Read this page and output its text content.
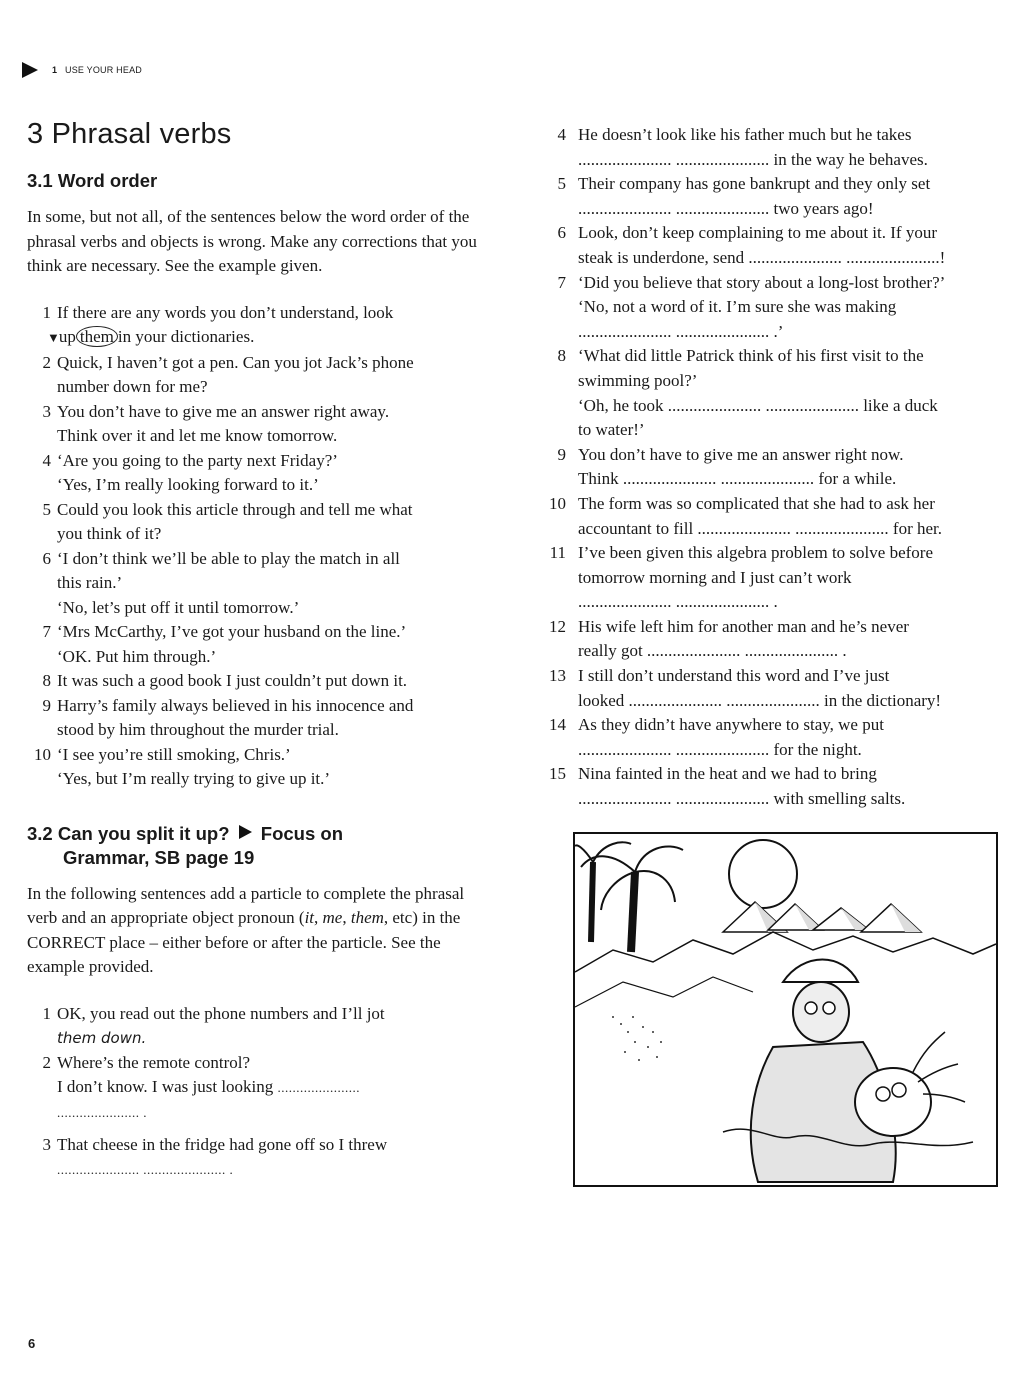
1 USE YOUR HEAD
3 Phrasal verbs
3.1 Word order

In some, but not all, of the sentences below the word order of the phrasal verbs and objects is wrong. Make any corrections that you think are necessary. See the example given.

1 If there are any words you don’t understand, look
▼up them in your dictionaries.
2 Quick, I haven’t got a pen. Can you jot Jack’s phone
number down for me?
3 You don’t have to give me an answer right away.
Think over it and let me know tomorrow.
4 ‘Are you going to the party next Friday?’
‘Yes, I’m really looking forward to it.’
5 Could you look this article through and tell me what
you think of it?
6 ‘I don’t think we’ll be able to play the match in all
this rain.’
‘No, let’s put off it until tomorrow.’
7 ‘Mrs McCarthy, I’ve got your husband on the line.’
‘OK. Put him through.’
8 It was such a good book I just couldn’t put down it.
9 Harry’s family always believed in his innocence and
stood by him throughout the murder trial.
10 ‘I see you’re still smoking, Chris.’
‘Yes, but I’m really trying to give up it.’
3.2 Can you split it up? Focus on
Grammar, SB page 19

In the following sentences add a particle to complete the phrasal verb and an appropriate object pronoun (it, me, them, etc) in the CORRECT place – either before or after the particle. See the example provided.

1 OK, you read out the phone numbers and I’ll jot
them down.
2 Where’s the remote control?
I don’t know. I was just looking ......................
...................... .
3 That cheese in the fridge had gone off so I threw
...................... ...................... .
4 He doesn’t look like his father much but he takes
...................... ...................... in the way he behaves.
5 Their company has gone bankrupt and they only set
...................... ...................... two years ago!
6 Look, don’t keep complaining to me about it. If your
steak is underdone, send ...................... ......................!
7 ‘Did you believe that story about a long-lost brother?’
‘No, not a word of it. I’m sure she was making
...................... ...................... .’
8 ‘What did little Patrick think of his first visit to the
swimming pool?’
‘Oh, he took ...................... ...................... like a duck
to water!’
9 You don’t have to give me an answer right now.
Think ...................... ...................... for a while.
10 The form was so complicated that she had to ask her
accountant to fill ...................... ...................... for her.
11 I’ve been given this algebra problem to solve before
tomorrow morning and I just can’t work
...................... ...................... .
12 His wife left him for another man and he’s never
really got ...................... ...................... .
13 I still don’t understand this word and I’ve just
looked ...................... ...................... in the dictionary!
14 As they didn’t have anywhere to stay, we put
...................... ...................... for the night.
15 Nina fainted in the heat and we had to bring
...................... ...................... with smelling salts.
6
